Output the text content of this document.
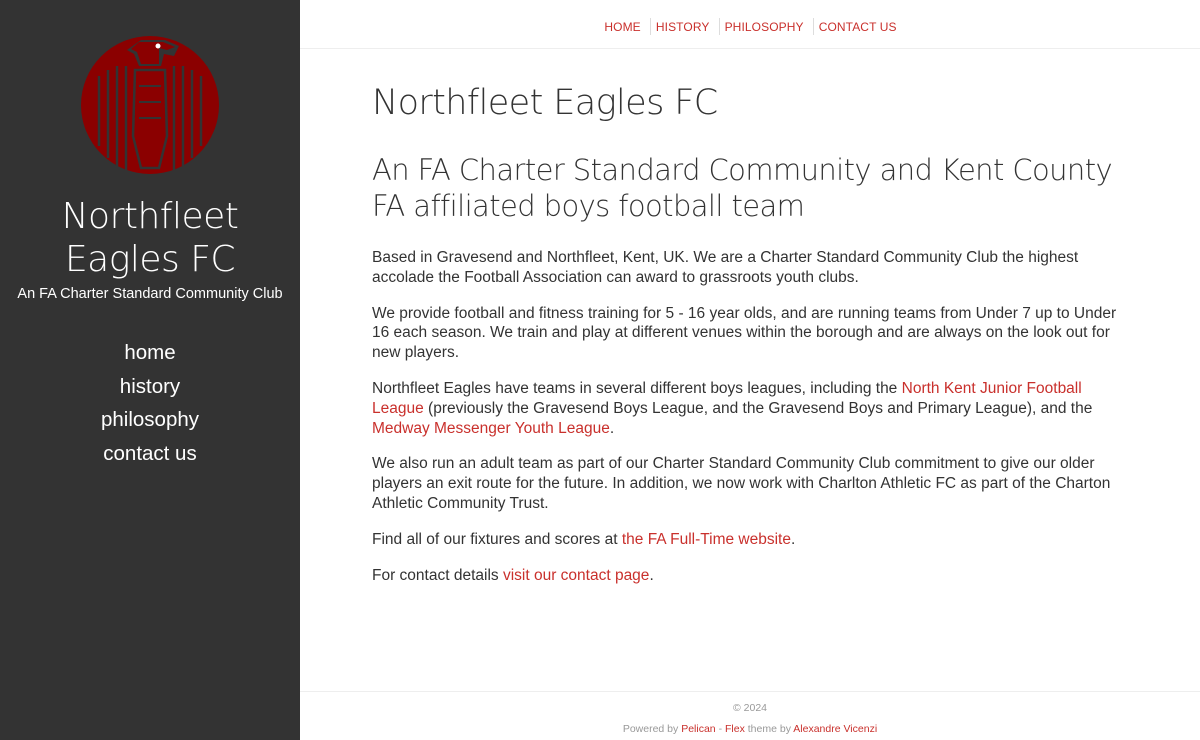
Northfleet
Eagles FC
An FA Charter Standard Community Club
home
history
philosophy
contact us
HOME HISTORY PHILOSOPHY CONTACT US
Northfleet Eagles FC
An FA Charter Standard Community and Kent County FA affiliated boys football team

Based in Gravesend and Northfleet, Kent, UK. We are a Charter Standard Community Club the highest accolade the Football Association can award to grassroots youth clubs.

We provide football and fitness training for 5 - 16 year olds, and are running teams from Under 7 up to Under 16 each season. We train and play at different venues within the borough and are always on the look out for new players.

Northfleet Eagles have teams in several different boys leagues, including the North Kent Junior Football League (previously the Gravesend Boys League, and the Gravesend Boys and Primary League), and the Medway Messenger Youth League.

We also run an adult team as part of our Charter Standard Community Club commitment to give our older players an exit route for the future. In addition, we now work with Charlton Athletic FC as part of the Charton Athletic Community Trust.

Find all of our fixtures and scores at the FA Full-Time website.

For contact details visit our contact page.

© 2024
Powered by Pelican - Flex theme by Alexandre Vicenzi
